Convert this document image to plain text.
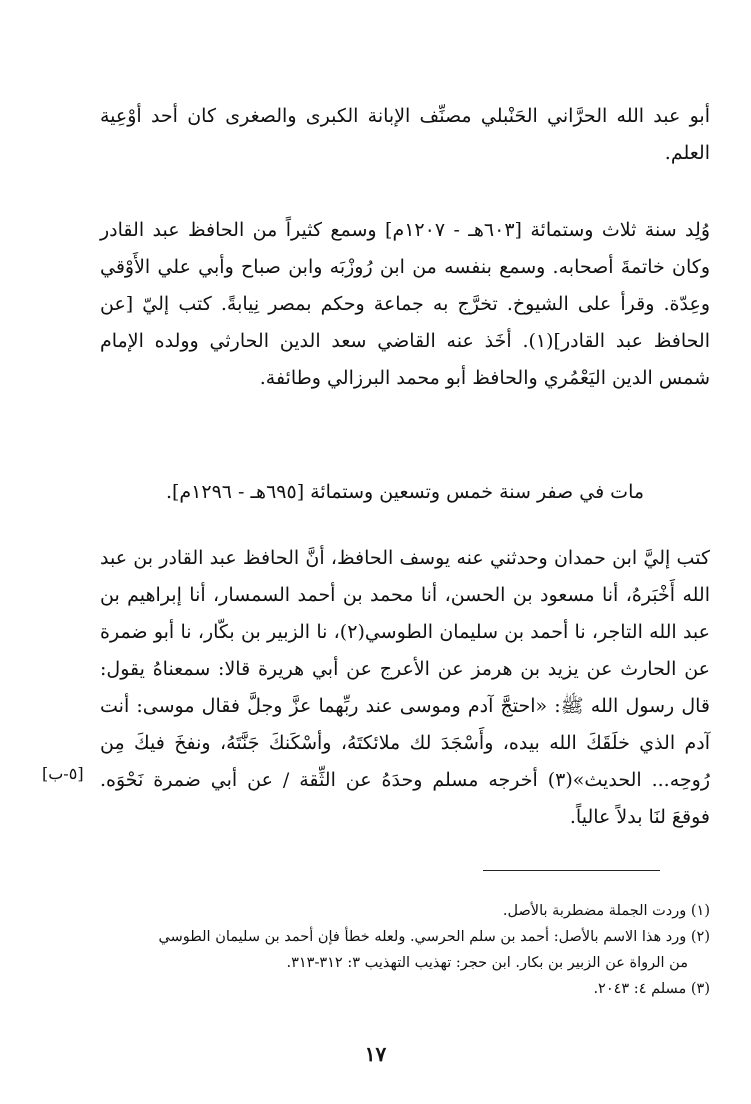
أبو عبد الله الحرَّاني الحَنْبلي مصنِّف الإبانة الكبرى والصغرى كان أحد أوْعِية العلم.

وُلِد سنة ثلاث وستمائة [٦٠٣هـ - ١٢٠٧م] وسمع كثيراً من الحافظ عبد القادر وكان خاتمةَ أصحابه. وسمع بنفسه من ابن رُوزْبَه وابن صباح وأبي علي الأَوْقي وعِدّة. وقرأ على الشيوخ. تخرَّج به جماعة وحكم بمصر نِيابةً. كتب إليّ [عن الحافظ عبد القادر](١). أخَذ عنه القاضي سعد الدين الحارثي وولده الإمام شمس الدين اليَعْمُري والحافظ أبو محمد البرزالي وطائفة.

مات في صفر سنة خمس وتسعين وستمائة [٦٩٥هـ - ١٢٩٦م].

كتب إليَّ ابن حمدان وحدثني عنه يوسف الحافظ، أنَّ الحافظ عبد القادر بن عبد الله أَخْبَرهُ، أنا مسعود بن الحسن، أنا محمد بن أحمد السمسار، أنا إبراهيم بن عبد الله التاجر، نا أحمد بن سليمان الطوسي(٢)، نا الزبير بن بكّار، نا أبو ضمرة عن الحارث عن يزيد بن هرمز عن الأعرج عن أبي هريرة قالا: سمعناهُ يقول: قال رسول الله ﷺ: «احتجَّ آدم وموسى عند ربِّهما عزَّ وجلَّ فقال موسى: أنت آدم الذي خلَقَكَ الله بيده، وأَسْجَدَ لك ملائكتَهُ، وأسْكَنكَ جَنَّتَهُ، ونفخَ فيكَ مِن رُوحِه... الحديث»(٣) أخرجه مسلم وحدَهُ عن الثِّقة / عن أبي ضمرة نَحْوَه. فوقعَ لنَا بدلاً عالياً.

[٥-ب]

(١) وردت الجملة مضطربة بالأصل.

(٢) ورد هذا الاسم بالأصل: أحمد بن سلم الحرسي. ولعله خطأ فإن أحمد بن سليمان الطوسي

من الرواة عن الزبير بن بكار. ابن حجر: تهذيب التهذيب ٣: ٣١٢-٣١٣.

(٣) مسلم ٤: ٢٠٤٣.

١٧
